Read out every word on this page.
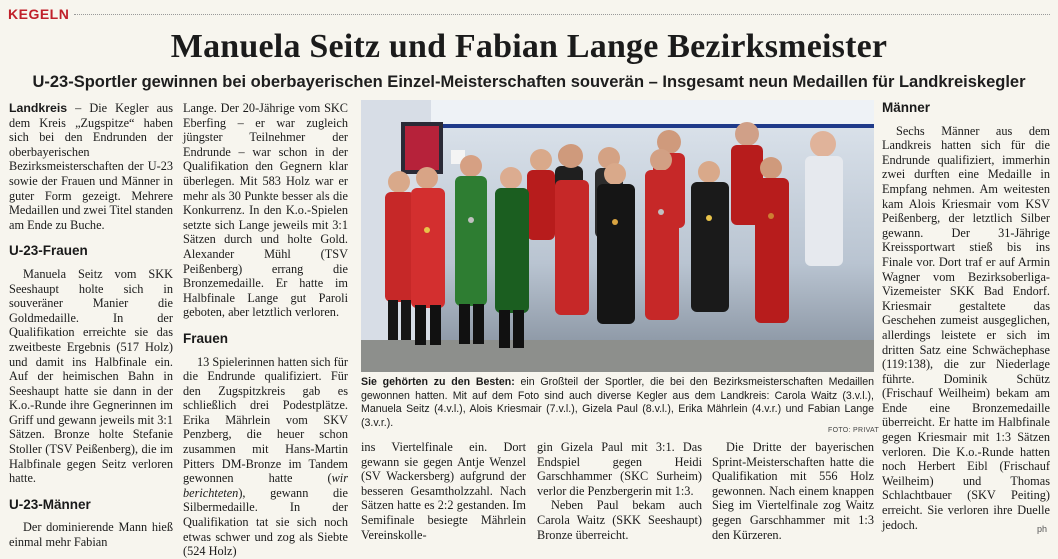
KEGELN
Manuela Seitz und Fabian Lange Bezirksmeister
U-23-Sportler gewinnen bei oberbayerischen Einzel-Meisterschaften souverän – Insgesamt neun Medaillen für Landkreiskegler

Landkreis – Die Kegler aus dem Kreis „Zugspitze“ haben sich bei den Endrunden der oberbayerischen Bezirksmeisterschaften der U-23 sowie der Frauen und Männer in guter Form gezeigt. Mehrere Medaillen und zwei Titel standen am Ende zu Buche.

U-23-Frauen

Manuela Seitz vom SKK Seeshaupt holte sich in souveräner Manier die Goldmedaille. In der Qualifikation erreichte sie das zweitbeste Ergebnis (517 Holz) und damit ins Halbfinale ein. Auf der heimischen Bahn in Seeshaupt hatte sie dann in der K.o.-Runde ihre Gegnerinnen im Griff und gewann jeweils mit 3:1 Sätzen. Bronze holte Stefanie Stoller (TSV Peißenberg), die im Halbfinale gegen Seitz verloren hatte.

U-23-Männer

Der dominierende Mann hieß einmal mehr Fabian

Lange. Der 20-Jährige vom SKC Eberfing – er war zugleich jüngster Teilnehmer der Endrunde – war schon in der Qualifikation den Gegnern klar überlegen. Mit 583 Holz war er mehr als 30 Punkte besser als die Konkurrenz. In den K.o.-Spielen setzte sich Lange jeweils mit 3:1 Sätzen durch und holte Gold. Alexander Mühl (TSV Peißenberg) errang die Bronzemedaille. Er hatte im Halbfinale Lange gut Paroli geboten, aber letztlich verloren.

Frauen

13 Spielerinnen hatten sich für die Endrunde qualifiziert. Für den Zugspitzkreis gab es schließlich drei Podestplätze. Erika Mährlein vom SKV Penzberg, die heuer schon zusammen mit Hans-Martin Pitters DM-Bronze im Tandem gewonnen hatte (wir berichteten), gewann die Silbermedaille. In der Qualifikation tat sie sich noch etwas schwer und zog als Siebte (524 Holz)

Sie gehörten zu den Besten: ein Großteil der Sportler, die bei den Bezirksmeisterschaften Medaillen gewonnen hatten. Mit auf dem Foto sind auch diverse Kegler aus dem Landkreis: Carola Waitz (3.v.l.), Manuela Seitz (4.v.l.), Alois Kriesmair (7.v.l.), Gizela Paul (8.v.l.), Erika Mährlein (4.v.r.) und Fabian Lange (3.v.r.).
FOTO: PRIVAT

ins Viertelfinale ein. Dort gewann sie gegen Antje Wenzel (SV Wackersberg) aufgrund der besseren Gesamtholzzahl. Nach Sätzen hatte es 2:2 gestanden. Im Semifinale besiegte Mährlein Vereinskolle-

gin Gizela Paul mit 3:1. Das Endspiel gegen Heidi Garschhammer (SKC Surheim) verlor die Penzbergerin mit 1:3.

Neben Paul bekam auch Carola Waitz (SKK Seeshaupt) Bronze überreicht.

Die Dritte der bayerischen Sprint-Meisterschaften hatte die Qualifikation mit 556 Holz gewonnen. Nach einem knappen Sieg im Viertelfinale zog Waitz gegen Garschhammer mit 1:3 den Kürzeren.

Männer

Sechs Männer aus dem Landkreis hatten sich für die Endrunde qualifiziert, immerhin zwei durften eine Medaille in Empfang nehmen. Am weitesten kam Alois Kriesmair vom KSV Peißenberg, der letztlich Silber gewann. Der 31-Jährige Kreissportwart stieß bis ins Finale vor. Dort traf er auf Armin Wagner vom Bezirksoberliga-Vizemeister SKK Bad Endorf. Kriesmair gestaltete das Geschehen zumeist ausgeglichen, allerdings leistete er sich im dritten Satz eine Schwächephase (119:138), die zur Niederlage führte. Dominik Schütz (Frischauf Weilheim) bekam am Ende eine Bronzemedaille überreicht. Er hatte im Halbfinale gegen Kriesmair mit 1:3 Sätzen verloren. Die K.o.-Runde hatten noch Herbert Eibl (Frischauf Weilheim) und Thomas Schlachtbauer (SKV Peiting) erreicht. Sie verloren ihre Duelle jedoch.	ph
